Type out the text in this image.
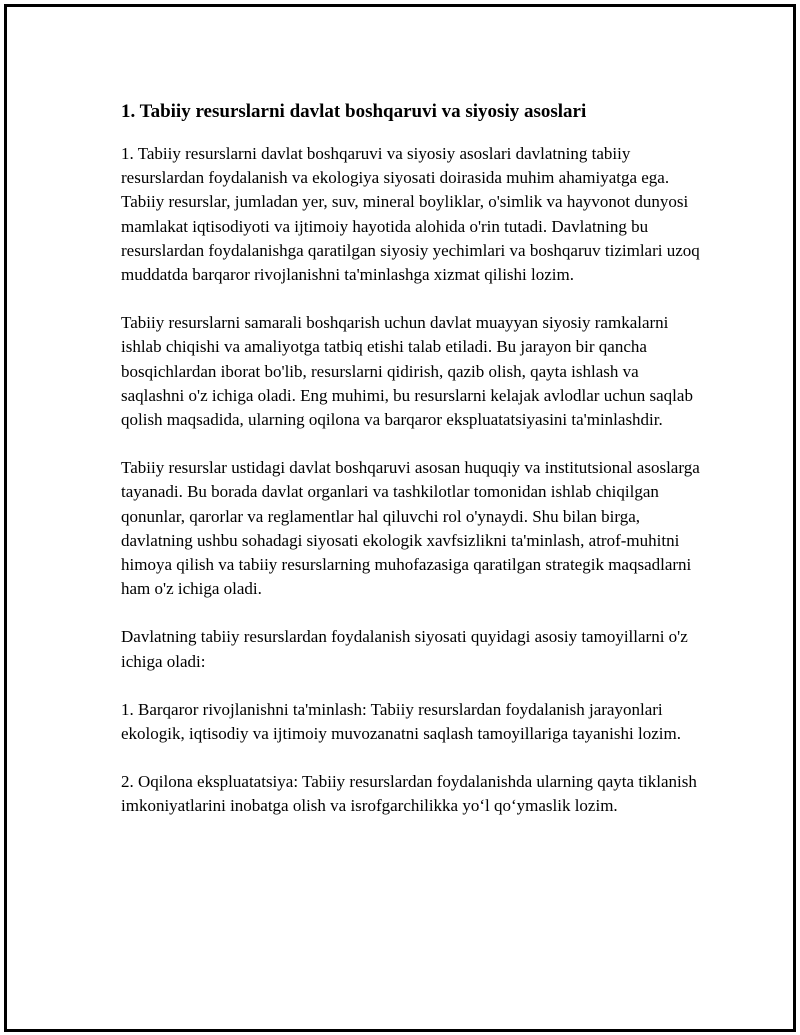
1. Tabiiy resurslarni davlat boshqaruvi va siyosiy asoslari

1. Tabiiy resurslarni davlat boshqaruvi va siyosiy asoslari davlatning tabiiy resurslardan foydalanish va ekologiya siyosati doirasida muhim ahamiyatga ega. Tabiiy resurslar, jumladan yer, suv, mineral boyliklar, o'simlik va hayvonot dunyosi mamlakat iqtisodiyoti va ijtimoiy hayotida alohida o'rin tutadi. Davlatning bu resurslardan foydalanishga qaratilgan siyosiy yechimlari va boshqaruv tizimlari uzoq muddatda barqaror rivojlanishni ta'minlashga xizmat qilishi lozim.

Tabiiy resurslarni samarali boshqarish uchun davlat muayyan siyosiy ramkalarni ishlab chiqishi va amaliyotga tatbiq etishi talab etiladi. Bu jarayon bir qancha bosqichlardan iborat bo'lib, resurslarni qidirish, qazib olish, qayta ishlash va saqlashni o'z ichiga oladi. Eng muhimi, bu resurslarni kelajak avlodlar uchun saqlab qolish maqsadida, ularning oqilona va barqaror ekspluatatsiyasini ta'minlashdir.

Tabiiy resurslar ustidagi davlat boshqaruvi asosan huquqiy va institutsional asoslarga tayanadi. Bu borada davlat organlari va tashkilotlar tomonidan ishlab chiqilgan qonunlar, qarorlar va reglamentlar hal qiluvchi rol o'ynaydi. Shu bilan birga, davlatning ushbu sohadagi siyosati ekologik xavfsizlikni ta'minlash, atrof-muhitni himoya qilish va tabiiy resurslarning muhofazasiga qaratilgan strategik maqsadlarni ham o'z ichiga oladi.

Davlatning tabiiy resurslardan foydalanish siyosati quyidagi asosiy tamoyillarni o'z ichiga oladi:

1. Barqaror rivojlanishni ta'minlash: Tabiiy resurslardan foydalanish jarayonlari ekologik, iqtisodiy va ijtimoiy muvozanatni saqlash tamoyillariga tayanishi lozim.

2. Oqilona ekspluatatsiya: Tabiiy resurslardan foydalanishda ularning qayta tiklanish imkoniyatlarini inobatga olish va isrofgarchilikka yo‘l qo‘ymaslik lozim.
